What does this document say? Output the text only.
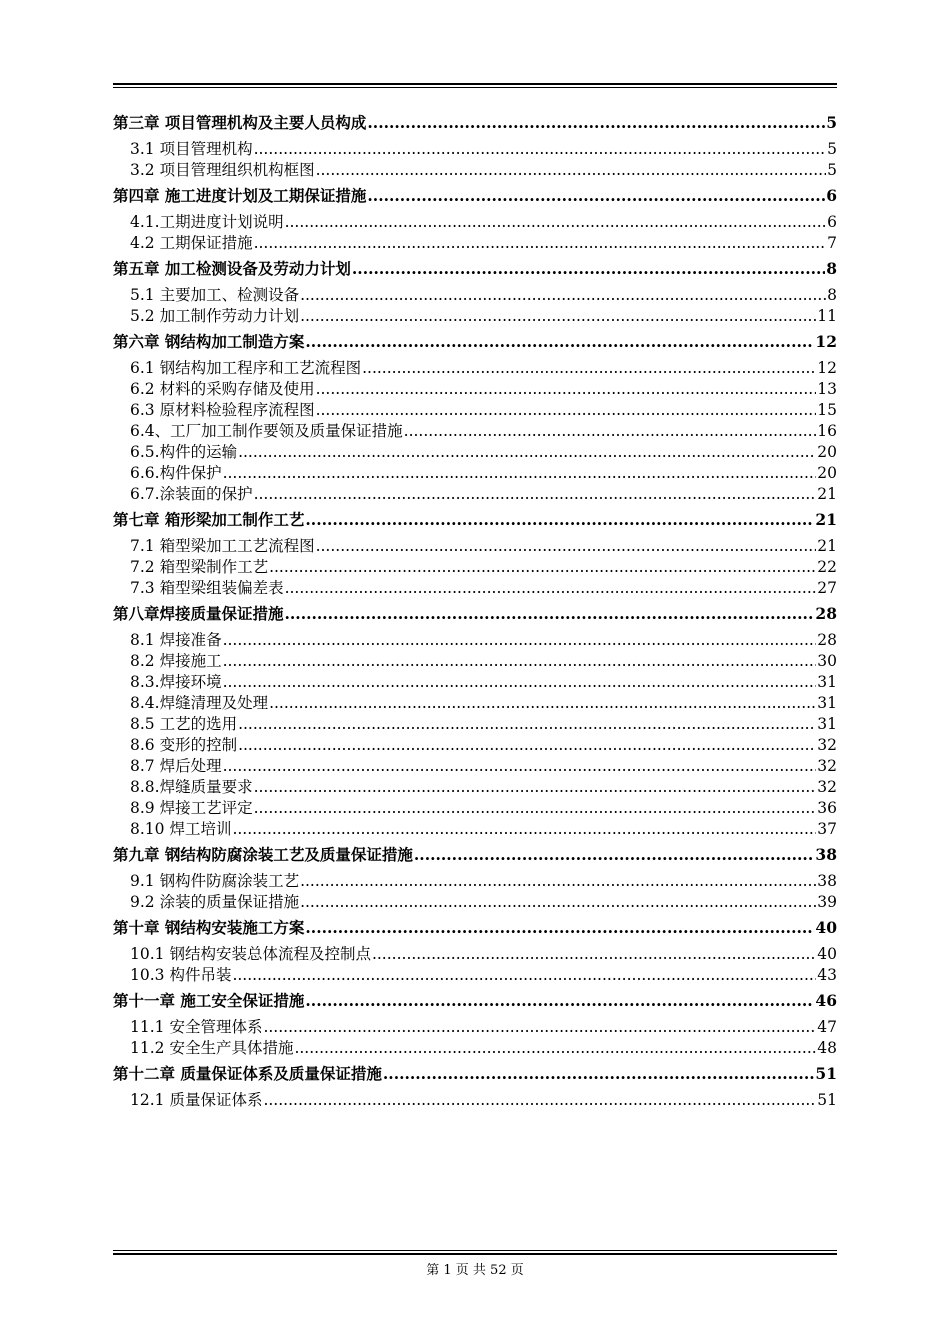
第三章 项目管理机构及主要人员构成 .....	5
3.1 项目管理机构 .....	5
3.2 项目管理组织机构框图 .....	5
第四章 施工进度计划及工期保证措施 .....	6
4.1.工期进度计划说明 .....	6
4.2 工期保证措施 .....	7
第五章 加工检测设备及劳动力计划 .....	8
5.1 主要加工、检测设备 .....	8
5.2 加工制作劳动力计划 .....	11
第六章 钢结构加工制造方案 .....	12
6.1 钢结构加工程序和工艺流程图 .....	12
6.2 材料的采购存储及使用 .....	13
6.3 原材料检验程序流程图 .....	15
6.4、工厂加工制作要领及质量保证措施 .....	16
6.5.构件的运输 .....	20
6.6.构件保护 .....	20
6.7.涂装面的保护 .....	21
第七章 箱形梁加工制作工艺 .....	21
7.1 箱型梁加工工艺流程图 .....	21
7.2 箱型梁制作工艺 .....	22
7.3 箱型梁组装偏差表 .....	27
第八章焊接质量保证措施 .....	28
8.1 焊接准备 .....	28
8.2 焊接施工 .....	30
8.3.焊接环境 .....	31
8.4.焊缝清理及处理 .....	31
8.5 工艺的选用 .....	31
8.6 变形的控制 .....	32
8.7 焊后处理 .....	32
8.8.焊缝质量要求 .....	32
8.9 焊接工艺评定 .....	36
8.10 焊工培训 .....	37
第九章 钢结构防腐涂装工艺及质量保证措施 .....	38
9.1 钢构件防腐涂装工艺 .....	38
9.2 涂装的质量保证措施 .....	39
第十章 钢结构安装施工方案 .....	40
10.1 钢结构安装总体流程及控制点 .....	40
10.3 构件吊装 .....	43
第十一章 施工安全保证措施 .....	46
11.1 安全管理体系 .....	47
11.2 安全生产具体措施 .....	48
第十二章 质量保证体系及质量保证措施 .....	51
12.1 质量保证体系 .....	51
第 1 页 共 52 页
